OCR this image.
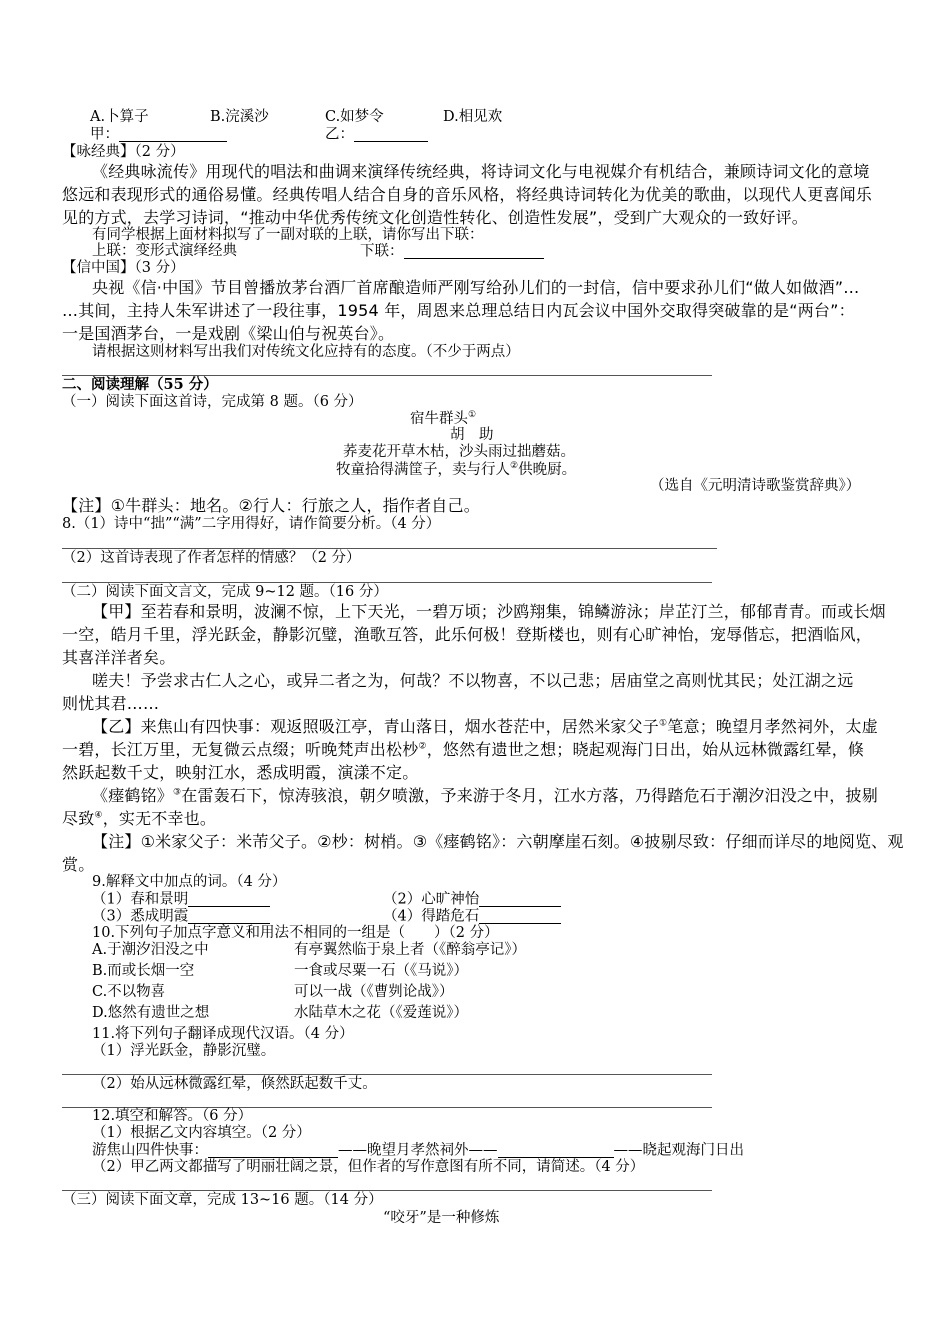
A.卜算子	B.浣溪沙	C.如梦令	D.相见欢
甲：	乙：
【咏经典】（2 分）
《经典咏流传》用现代的唱法和曲调来演绎传统经典，将诗词文化与电视媒介有机结合，兼顾诗词文化的意境
悠远和表现形式的通俗易懂。经典传唱人结合自身的音乐风格，将经典诗词转化为优美的歌曲，以现代人更喜闻乐
见的方式，去学习诗词，“推动中华优秀传统文化创造性转化、创造性发展”，受到广大观众的一致好评。
有同学根据上面材料拟写了一副对联的上联，请你写出下联：
上联：变形式演绎经典	下联：
【信中国】（3 分）
央视《信·中国》节目曾播放茅台酒厂首席酿造师严刚写给孙儿们的一封信，信中要求孙儿们“做人如做酒”…
…其间，主持人朱军讲述了一段往事，1954 年，周恩来总理总结日内瓦会议中国外交取得突破靠的是“两台”：
一是国酒茅台，一是戏剧《梁山伯与祝英台》。
请根据这则材料写出我们对传统文化应持有的态度。（不少于两点）
二、阅读理解（55 分）
（一）阅读下面这首诗，完成第 8 题。（6 分）
宿牛群头①
胡　助
荞麦花开草木枯，沙头雨过拙蘑菇。
牧童拾得满筐子，卖与行人②供晚厨。
（选自《元明清诗歌鉴赏辞典》）
【注】①牛群头：地名。②行人：行旅之人，指作者自己。
8.（1）诗中“拙”“满”二字用得好，请作简要分析。（4 分）
（2）这首诗表现了作者怎样的情感？（2 分）
（二）阅读下面文言文，完成 9~12 题。（16 分）
【甲】至若春和景明，波澜不惊，上下天光，一碧万顷；沙鸥翔集，锦鳞游泳；岸芷汀兰，郁郁青青。而或长烟
一空，皓月千里，浮光跃金，静影沉璧，渔歌互答，此乐何极！登斯楼也，则有心旷神怡，宠辱偕忘，把酒临风，
其喜洋洋者矣。
嗟夫！予尝求古仁人之心，或异二者之为，何哉？不以物喜，不以己悲；居庙堂之高则忧其民；处江湖之远
则忧其君……
【乙】来焦山有四快事：观返照吸江亭，青山落日，烟水苍茫中，居然米家父子①笔意；晚望月孝然祠外，太虚
一碧，长江万里，无复微云点缀；听晚梵声出松杪②，悠然有遗世之想；晓起观海门日出，始从远林微露红晕，倏
然跃起数千丈，映射江水，悉成明霞，演漾不定。
《瘗鹤铭》③在雷轰石下，惊涛骇浪，朝夕喷激，予来游于冬月，江水方落，乃得踏危石于潮汐汨没之中，披剔
尽致④，实无不幸也。
【注】①米家父子：米芾父子。②杪：树梢。③《瘗鹤铭》：六朝摩崖石刻。④披剔尽致：仔细而详尽的地阅览、观
赏。
9.解释文中加点的词。（4 分）
（1）春和景明	（2）心旷神怡
（3）悉成明霞	（4）得踏危石
10.下列句子加点字意义和用法不相同的一组是（　　）（2 分）
A.于潮汐汨没之中	有亭翼然临于泉上者（《醉翁亭记》）
B.而或长烟一空	一食或尽粟一石（《马说》）
C.不以物喜	可以一战（《曹刿论战》）
D.悠然有遗世之想	水陆草木之花（《爱莲说》）
11.将下列句子翻译成现代汉语。（4 分）
（1）浮光跃金，静影沉璧。
（2）始从远林微露红晕，倏然跃起数千丈。
12.填空和解答。（6 分）
（1）根据乙文内容填空。（2 分）
游焦山四件快事：	——晚望月孝然祠外——	——晓起观海门日出
（2）甲乙两文都描写了明丽壮阔之景，但作者的写作意图有所不同，请简述。（4 分）
（三）阅读下面文章，完成 13~16 题。（14 分）
“咬牙”是一种修炼
